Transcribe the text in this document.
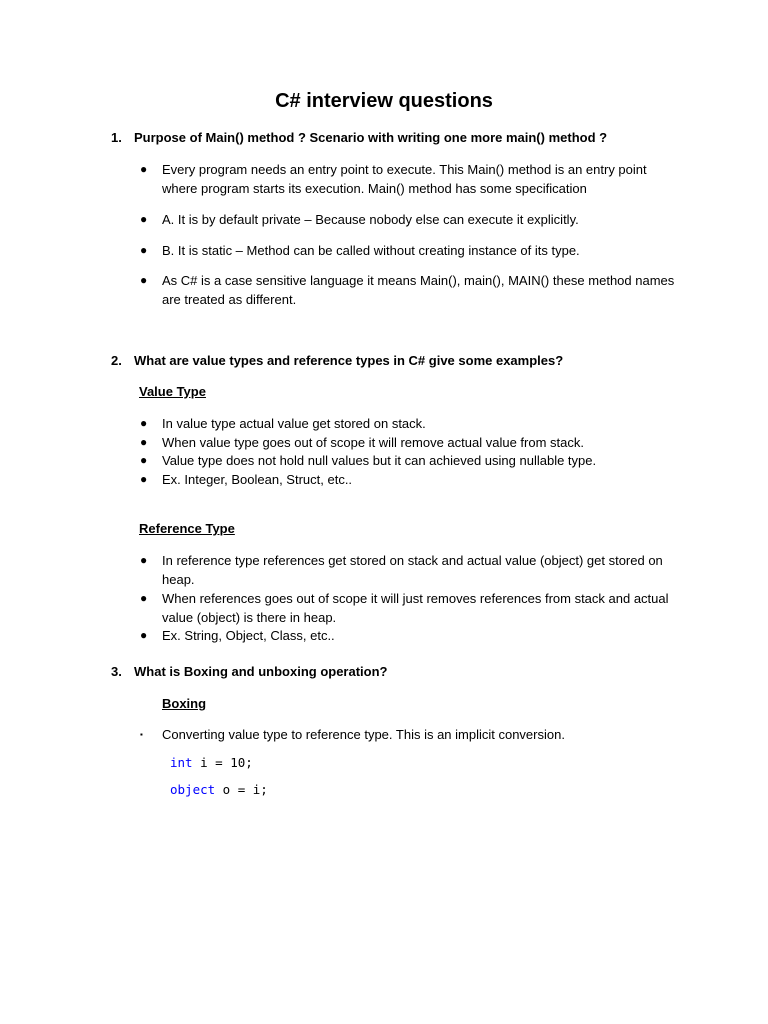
C# interview questions
1. Purpose of Main() method ? Scenario with writing one more main() method ?
● Every program needs an entry point to execute. This Main() method is an entry point where program starts its execution. Main() method has some specification
● A. It is by default private – Because nobody else can execute it explicitly.
● B. It is static – Method can be called without creating instance of its type.
● As C# is a case sensitive language it means Main(), main(), MAIN() these method names are treated as different.
2. What are value types and reference types in C# give some examples?
Value Type
● In value type actual value get stored on stack.
● When value type goes out of scope it will remove actual value from stack.
● Value type does not hold null values but it can achieved using nullable type.
● Ex. Integer, Boolean, Struct, etc..
Reference Type
● In reference type references get stored on stack and actual value (object) get stored on heap.
● When references goes out of scope it will just removes references from stack and actual value (object) is there in heap.
● Ex. String, Object, Class, etc..
3. What is Boxing and unboxing operation?
Boxing
▪ Converting value type to reference type. This is an implicit conversion.
int i = 10;
object o = i;
